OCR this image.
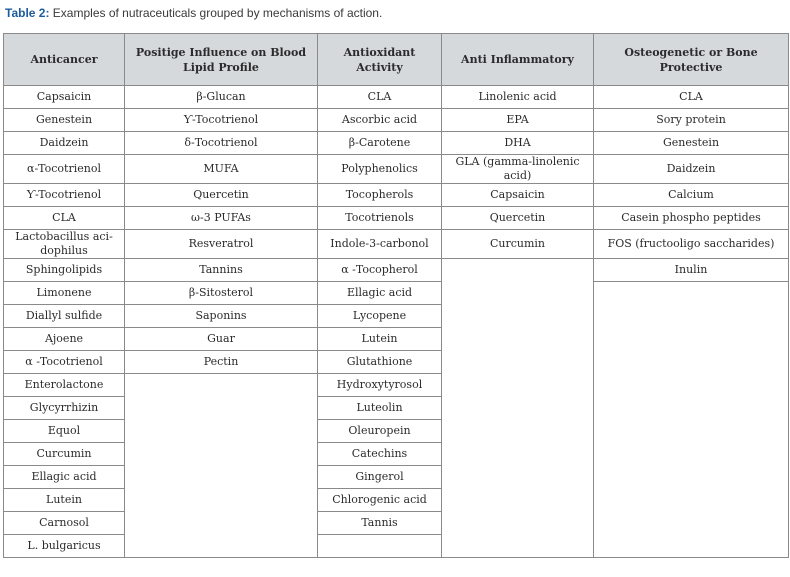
Table 2: Examples of nutraceuticals grouped by mechanisms of action.
Anticancer	Positige Influence on Blood Lipid Profile	Antioxidant Activity	Anti Inflammatory	Osteogenetic or Bone Protective
Capsaicin	β-Glucan	CLA	Linolenic acid	CLA
Genestein	Ƴ-Tocotrienol	Ascorbic acid	EPA	Sory protein
Daidzein	δ-Tocotrienol	β-Carotene	DHA	Genestein
α-Tocotrienol	MUFA	Polyphenolics	GLA (gamma-linolenic acid)	Daidzein
Ƴ-Tocotrienol	Quercetin	Tocopherols	Capsaicin	Calcium
CLA	ω-3 PUFAs	Tocotrienols	Quercetin	Casein phospho peptides
Lactobacillus aci-dophilus	Resveratrol	Indole-3-carbonol	Curcumin	FOS (fructooligo saccharides)
Sphingolipids	Tannins	α -Tocopherol		Inulin
Limonene	β-Sitosterol	Ellagic acid		
Diallyl sulfide	Saponins	Lycopene		
Ajoene	Guar	Lutein		
α -Tocotrienol	Pectin	Glutathione		
Enterolactone		Hydroxytyrosol		
Glycyrrhizin		Luteolin		
Equol		Oleuropein		
Curcumin		Catechins		
Ellagic acid		Gingerol		
Lutein		Chlorogenic acid		
Carnosol		Tannis		
L. bulgaricus				
